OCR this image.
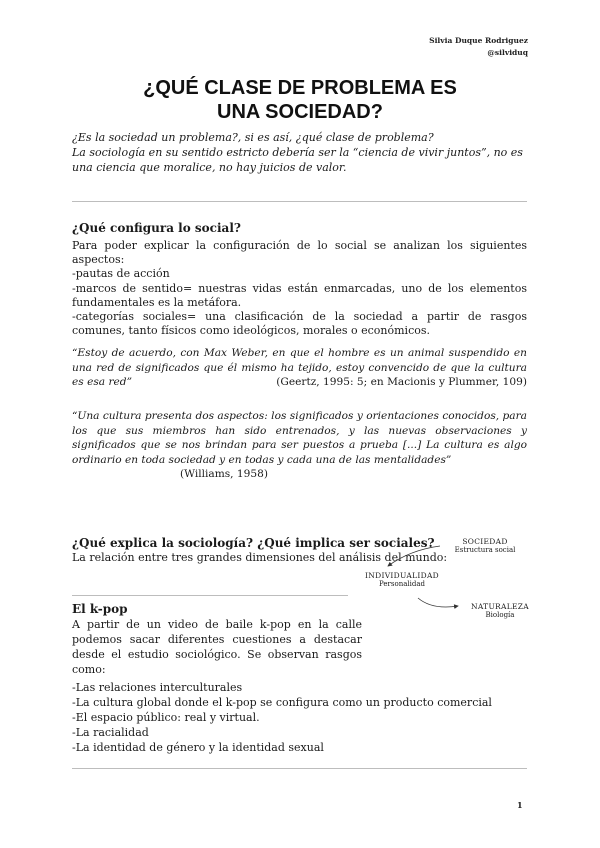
Silvia Duque Rodriguez
@silviduq
¿QUÉ CLASE DE PROBLEMA ES
UNA SOCIEDAD?

¿Es la sociedad un problema?, si es así, ¿qué clase de problema?

La sociología en su sentido estricto debería ser la “ciencia de vivir juntos”, no es una ciencia que moralice, no hay juicios de valor.

¿Qué configura lo social?

Para poder explicar la configuración de lo social se analizan los siguientes aspectos:

-pautas de acción

-marcos de sentido= nuestras vidas están enmarcadas, uno de los elementos fundamentales es la metáfora.

-categorías sociales= una clasificación de la sociedad a partir de rasgos comunes, tanto físicos como ideológicos, morales o económicos.

“Estoy de acuerdo, con Max Weber, en que el hombre es un animal suspendido en una red de significados que él mismo ha tejido, estoy convencido de que la cultura es esa red”	(Geertz, 1995: 5; en Macionis y Plummer, 109)

“Una cultura presenta dos aspectos: los significados y orientaciones conocidos, para los que sus miembros han sido entrenados, y las nuevas observaciones y significados que se nos brindan para ser puestos a prueba [...] La cultura es algo ordinario en toda sociedad y en todas y cada una de las mentalidades”

(Williams, 1958)

¿Qué explica la sociología? ¿Qué implica ser sociales?
La relación entre tres grandes dimensiones del análisis del mundo:
SOCIEDAD
Estructura social
INDIVIDUALIDAD
Personalidad
NATURALEZA
Biología
El k-pop
A partir de un video de baile k-pop en la calle podemos sacar diferentes cuestiones a destacar desde el estudio sociológico. Se observan rasgos como:

-Las relaciones interculturales

-La cultura global donde el k-pop se configura como un producto comercial

-El espacio público: real y virtual.

-La racialidad

-La identidad de género y la identidad sexual

1
